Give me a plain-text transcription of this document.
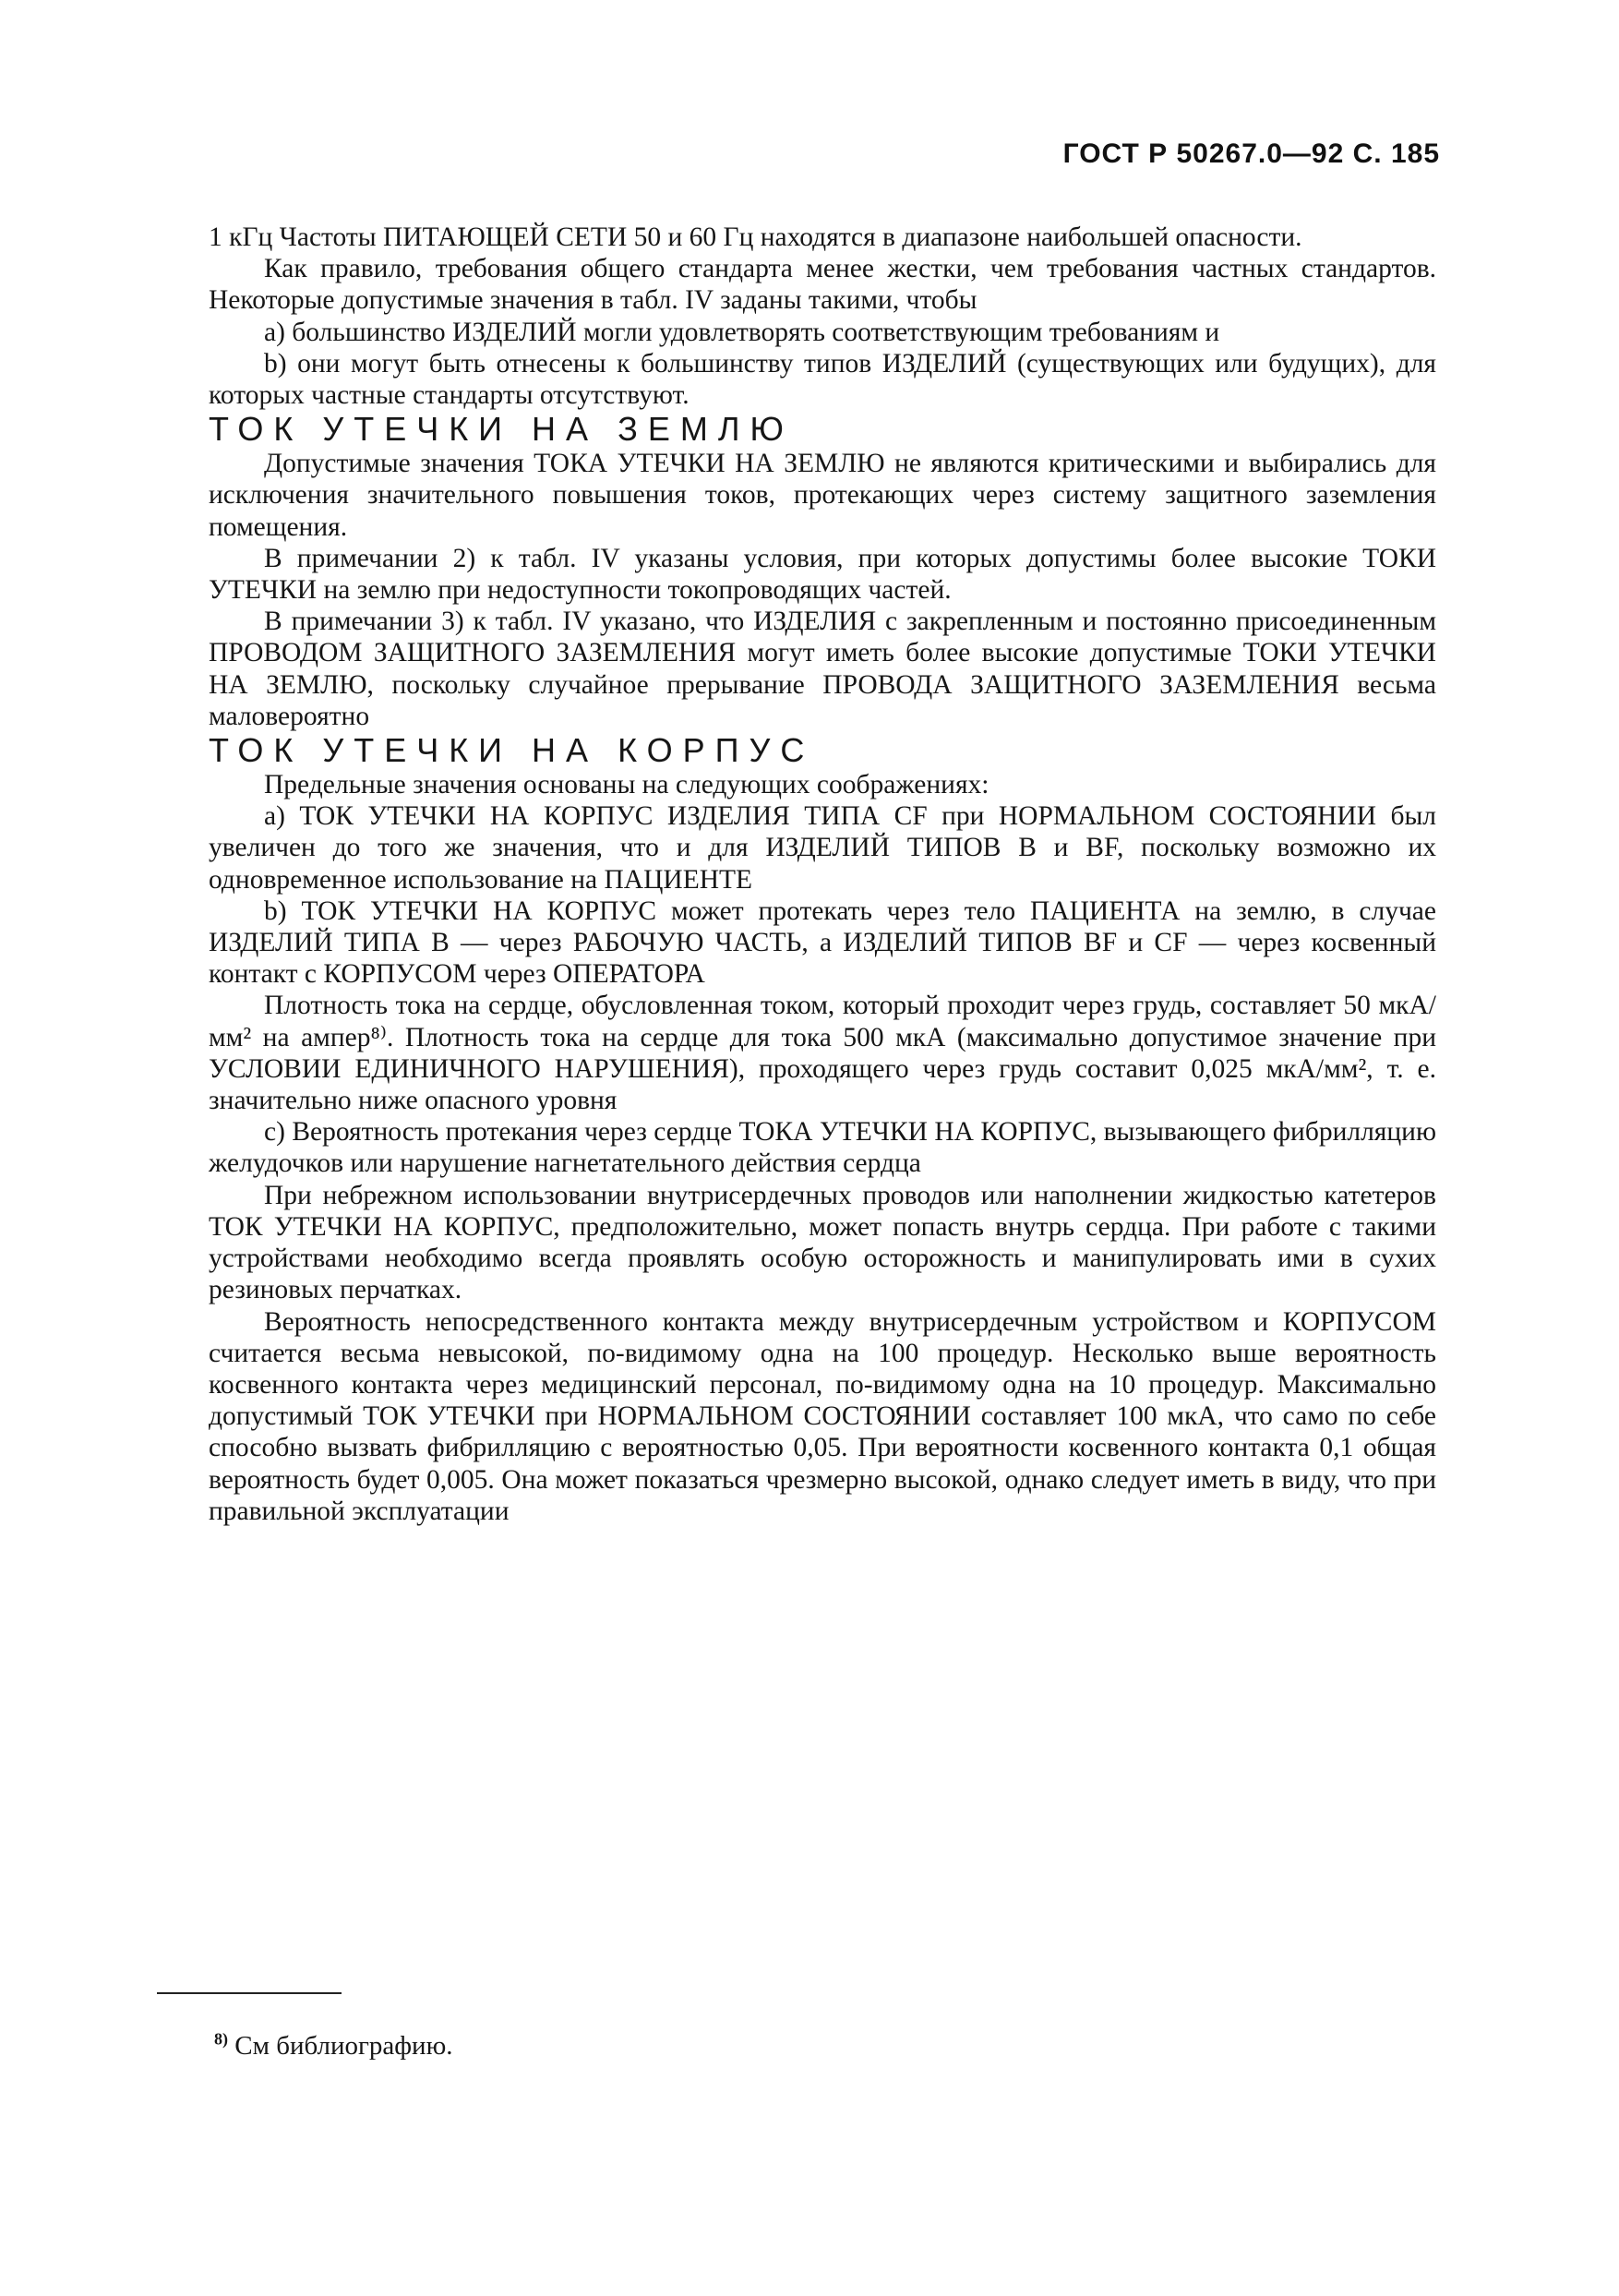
ГОСТ Р 50267.0—92 С. 185

1 кГц Частоты ПИТАЮЩЕЙ СЕТИ 50 и 60 Гц находятся в диапазоне наибольшей опасности.

Как правило, требования общего стандарта менее жестки, чем требования частных стандартов. Некоторые допустимые значения в табл. IV заданы такими, чтобы

а) большинство ИЗДЕЛИЙ могли удовлетворять соответствующим требованиям и

b) они могут быть отнесены к большинству типов ИЗДЕЛИЙ (существующих или будущих), для которых частные стандарты отсутствуют.

ТОК УТЕЧКИ НА ЗЕМЛЮ

Допустимые значения ТОКА УТЕЧКИ НА ЗЕМЛЮ не являются критическими и выбирались для исключения значительного повышения токов, протекающих через систему защитного заземления помещения.

В примечании 2) к табл. IV указаны условия, при которых допустимы более высокие ТОКИ УТЕЧКИ на землю при недоступности токопроводящих частей.

В примечании 3) к табл. IV указано, что ИЗДЕЛИЯ с закрепленным и постоянно присоединенным ПРОВОДОМ ЗАЩИТНОГО ЗАЗЕМЛЕНИЯ могут иметь более высокие допустимые ТОКИ УТЕЧКИ НА ЗЕМЛЮ, поскольку случайное прерывание ПРОВОДА ЗАЩИТНОГО ЗАЗЕМЛЕНИЯ весьма маловероятно

ТОК УТЕЧКИ НА КОРПУС

Предельные значения основаны на следующих соображениях:

а) ТОК УТЕЧКИ НА КОРПУС ИЗДЕЛИЯ ТИПА CF при НОРМАЛЬНОМ СОСТОЯНИИ был увеличен до того же значения, что и для ИЗДЕЛИЙ ТИПОВ В и BF, поскольку возможно их одновременное использование на ПАЦИЕНТЕ

b) ТОК УТЕЧКИ НА КОРПУС может протекать через тело ПАЦИЕНТА на землю, в случае ИЗДЕЛИЙ ТИПА В — через РАБОЧУЮ ЧАСТЬ, а ИЗДЕЛИЙ ТИПОВ BF и CF — через косвенный контакт с КОРПУСОМ через ОПЕРАТОРА

Плотность тока на сердце, обусловленная током, который проходит через грудь, составляет 50 мкА/мм² на ампер⁸⁾. Плотность тока на сердце для тока 500 мкА (максимально допустимое значение при УСЛОВИИ ЕДИНИЧНОГО НАРУШЕНИЯ), проходящего через грудь составит 0,025 мкА/мм², т. е. значительно ниже опасного уровня

с) Вероятность протекания через сердце ТОКА УТЕЧКИ НА КОРПУС, вызывающего фибрилляцию желудочков или нарушение нагнетательного действия сердца

При небрежном использовании внутрисердечных проводов или наполнении жидкостью катетеров ТОК УТЕЧКИ НА КОРПУС, предположительно, может попасть внутрь сердца. При работе с такими устройствами необходимо всегда проявлять особую осторожность и манипулировать ими в сухих резиновых перчатках.

Вероятность непосредственного контакта между внутрисердечным устройством и КОРПУСОМ считается весьма невысокой, по-видимому одна на 100 процедур. Несколько выше вероятность косвенного контакта через медицинский персонал, по-видимому одна на 10 процедур. Максимально допустимый ТОК УТЕЧКИ при НОРМАЛЬНОМ СОСТОЯНИИ составляет 100 мкА, что само по себе способно вызвать фибрилляцию с вероятностью 0,05. При вероятности косвенного контакта 0,1 общая вероятность будет 0,005. Она может показаться чрезмерно высокой, однако следует иметь в виду, что при правильной эксплуатации

$^{8)}$ См библиографию.
